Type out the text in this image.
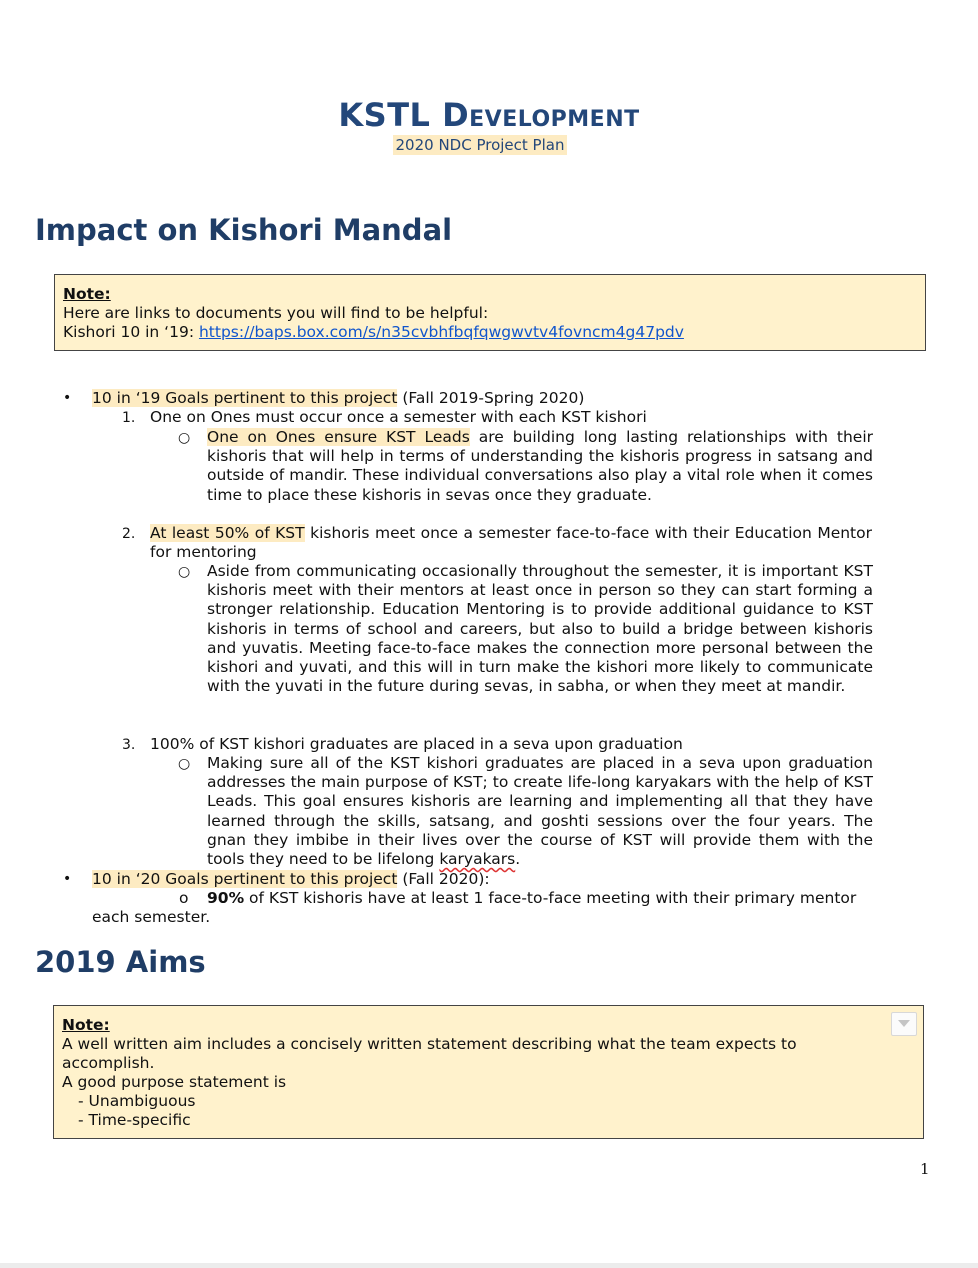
KSTL Development
2020 NDC Project Plan
Impact on Kishori Mandal
Note:
Here are links to documents you will find to be helpful:
Kishori 10 in ‘19: https://baps.box.com/s/n35cvbhfbqfqwgwvtv4fovncm4g47pdv
• 10 in ‘19 Goals pertinent to this project (Fall 2019-Spring 2020)
1. One on Ones must occur once a semester with each KST kishori
○ One on Ones ensure KST Leads are building long lasting relationships with their kishoris that will help in terms of understanding the kishoris progress in satsang and outside of mandir. These individual conversations also play a vital role when it comes time to place these kishoris in sevas once they graduate.
2. At least 50% of KST kishoris meet once a semester face-to-face with their Education Mentor for mentoring
○ Aside from communicating occasionally throughout the semester, it is important KST kishoris meet with their mentors at least once in person so they can start forming a stronger relationship. Education Mentoring is to provide additional guidance to KST kishoris in terms of school and careers, but also to build a bridge between kishoris and yuvatis. Meeting face-to-face makes the connection more personal between the kishori and yuvati, and this will in turn make the kishori more likely to communicate with the yuvati in the future during sevas, in sabha, or when they meet at mandir.
3. 100% of KST kishori graduates are placed in a seva upon graduation
○ Making sure all of the KST kishori graduates are placed in a seva upon graduation addresses the main purpose of KST; to create life-long karyakars with the help of KST Leads. This goal ensures kishoris are learning and implementing all that they have learned through the skills, satsang, and goshti sessions over the four years. The gnan they imbibe in their lives over the course of KST will provide them with the tools they need to be lifelong karyakars.
• 10 in ‘20 Goals pertinent to this project (Fall 2020):
o 90% of KST kishoris have at least 1 face-to-face meeting with their primary mentor
each semester.
2019 Aims
Note:
A well written aim includes a concisely written statement describing what the team expects to accomplish.
A good purpose statement is
- Unambiguous
- Time-specific
1
